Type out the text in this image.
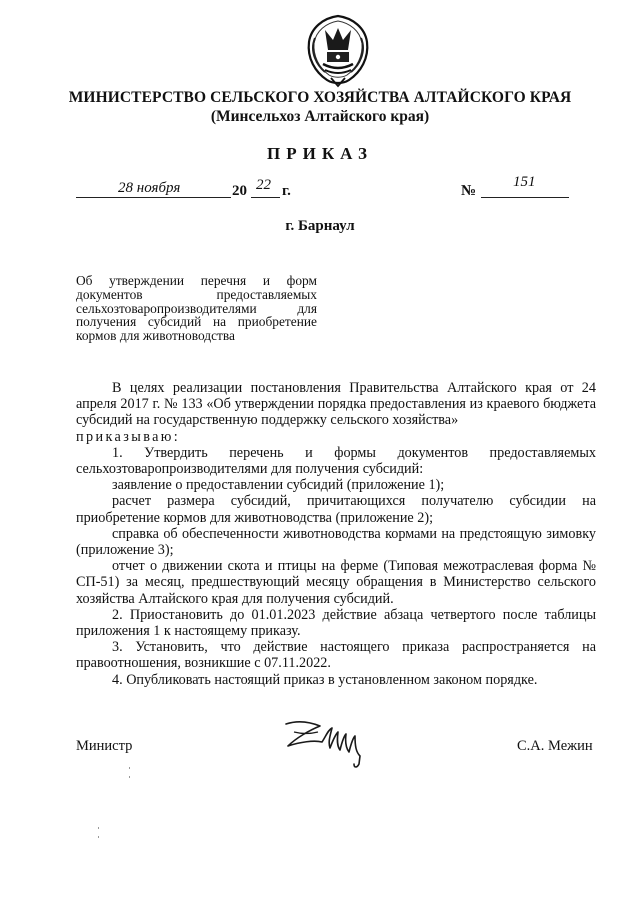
МИНИСТЕРСТВО СЕЛЬСКОГО ХОЗЯЙСТВА АЛТАЙСКОГО КРАЯ
(Минсельхоз Алтайского края)
ПРИКАЗ
28 ноября	20 22 г.	№
151
г. Барнаул
Об утверждении перечня и форм документов предоставляемых сельхозтоваропроизводителями для получения субсидий на приобретение кормов для животноводства

В целях реализации постановления Правительства Алтайского края от 24 апреля 2017 г. № 133 «Об утверждении порядка предоставления из краевого бюджета субсидий на государственную поддержку сельского хозяйства»

приказываю:

1. Утвердить перечень и формы документов предоставляемых сельхозтоваропроизводителями для получения субсидий:

заявление о предоставлении субсидий (приложение 1);

расчет размера субсидий, причитающихся получателю субсидии на приобретение кормов для животноводства (приложение 2);

справка об обеспеченности животноводства кормами на предстоящую зимовку (приложение 3);

отчет о движении скота и птицы на ферме (Типовая межотраслевая форма № СП-51) за месяц, предшествующий месяцу обращения в Министерство сельского хозяйства Алтайского края для получения субсидий.

2. Приостановить до 01.01.2023 действие абзаца четвертого после таблицы приложения 1 к настоящему приказу.

3. Установить, что действие настоящего приказа распространяется на правоотношения, возникшие с 07.11.2022.

4. Опубликовать настоящий приказ в установленном законом порядке.

Министр	С.А. Межин
